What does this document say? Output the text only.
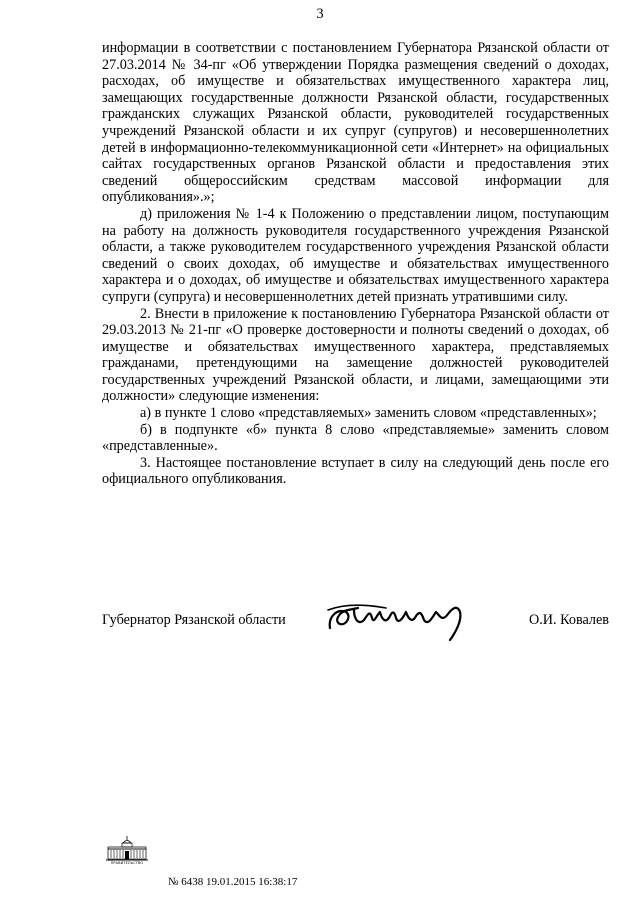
3

информации в соответствии с постановлением Губернатора Рязанской области от 27.03.2014 № 34-пг «Об утверждении Порядка размещения сведений о доходах, расходах, об имуществе и обязательствах имущественного характера лиц, замещающих государственные должности Рязанской области, государственных гражданских служащих Рязанской области, руководителей государственных учреждений Рязанской области и их супруг (супругов) и несовершеннолетних детей в информационно-телекоммуникационной сети «Интернет» на официальных сайтах государственных органов Рязанской области и предоставления этих сведений общероссийским средствам массовой информации для опубликования».»;

д) приложения № 1-4 к Положению о представлении лицом, поступающим на работу на должность руководителя государственного учреждения Рязанской области, а также руководителем государственного учреждения Рязанской области сведений о своих доходах, об имуществе и обязательствах имущественного характера и о доходах, об имуществе и обязательствах имущественного характера супруги (супруга) и несовершеннолетних детей признать утратившими силу.

2. Внести в приложение к постановлению Губернатора Рязанской области от 29.03.2013 № 21-пг «О проверке достоверности и полноты сведений о доходах, об имуществе и обязательствах имущественного характера, представляемых гражданами, претендующими на замещение должностей руководителей государственных учреждений Рязанской области, и лицами, замещающими эти должности» следующие изменения:

а) в пункте 1 слово «представляемых» заменить словом «представленных»;

б) в подпункте «б» пункта 8 слово «представляемые» заменить словом «представленные».

3. Настоящее постановление вступает в силу на следующий день после его официального опубликования.

Губернатор Рязанской области	О.И. Ковалев
ПРАВИТЕЛЬСТВО
№ 6438 19.01.2015 16:38:17
